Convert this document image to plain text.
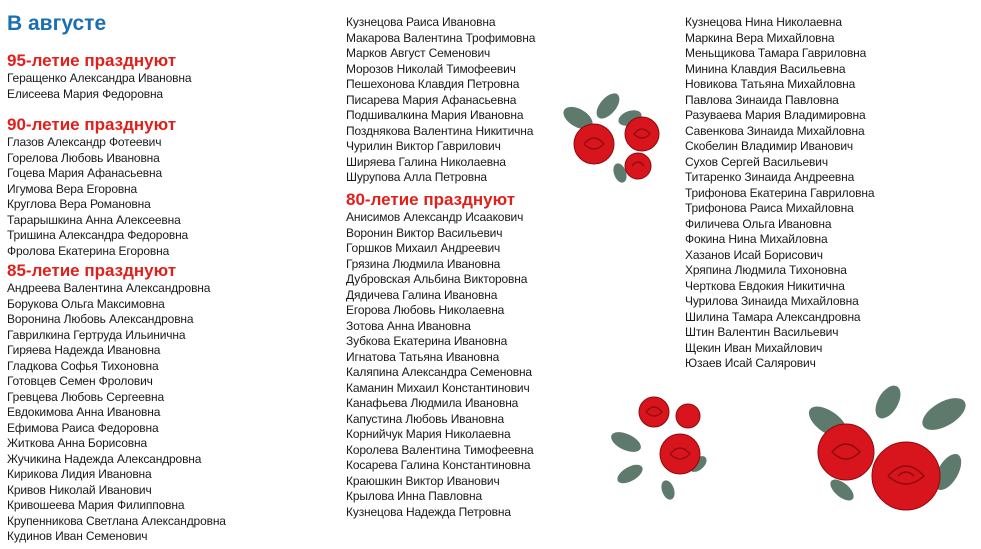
В августе
95-летие празднуют
Геращенко Александра Ивановна
Елисеева Мария Федоровна
90-летие празднуют
Глазов Александр Фотеевич
Горелова Любовь Ивановна
Гоцева Мария Афанасьевна
Игумова Вера Егоровна
Круглова Вера Романовна
Тарарышкина Анна Алексеевна
Тришина Александра Федоровна
Фролова Екатерина Егоровна
85-летие празднуют
Андреева Валентина Александровна
Борукова Ольга Максимовна
Воронина Любовь Александровна
Гаврилкина Гертруда Ильинична
Гиряева Надежда Ивановна
Гладкова Софья Тихоновна
Готовцев Семен Фролович
Гревцева Любовь Сергеевна
Евдокимова Анна Ивановна
Ефимова Раиса Федоровна
Житкова Анна Борисовна
Жучикина Надежда Александровна
Кирикова Лидия Ивановна
Кривов Николай Иванович
Кривошеева Мария Филипповна
Крупенникова Светлана Александровна
Кудинов Иван Семенович
Кузнецова Раиса Ивановна
Макарова Валентина Трофимовна
Марков Август Семенович
Морозов Николай Тимофеевич
Пешехонова Клавдия Петровна
Писарева Мария Афанасьевна
Подшивалкина Мария Ивановна
Позднякова Валентина Никитична
Чурилин Виктор Гаврилович
Ширяева Галина Николаевна
Шурупова Алла Петровна
80-летие празднуют
Анисимов Александр Исаакович
Воронин Виктор Васильевич
Горшков Михаил Андреевич
Грязина Людмила Ивановна
Дубровская Альбина Викторовна
Дядичева Галина Ивановна
Егорова Любовь Николаевна
Зотова Анна Ивановна
Зубкова Екатерина Ивановна
Игнатова Татьяна Ивановна
Каляпина Александра Семеновна
Каманин Михаил Константинович
Канафьева Людмила Ивановна
Капустина Любовь Ивановна
Корнийчук Мария Николаевна
Королева Валентина Тимофеевна
Косарева Галина Константиновна
Краюшкин Виктор Иванович
Крылова Инна Павловна
Кузнецова Надежда Петровна
Кузнецова Нина Николаевна
Маркина Вера Михайловна
Меньщикова Тамара Гавриловна
Минина Клавдия Васильевна
Новикова Татьяна Михайловна
Павлова Зинаида Павловна
Разуваева Мария Владимировна
Савенкова Зинаида Михайловна
Скобелин Владимир Иванович
Сухов Сергей Васильевич
Титаренко Зинаида Андреевна
Трифонова Екатерина Гавриловна
Трифонова Раиса Михайловна
Филичева Ольга Ивановна
Фокина Нина Михайловна
Хазанов Исай Борисович
Хряпина Людмила Тихоновна
Черткова Евдокия Никитична
Чурилова Зинаида Михайловна
Шилина Тамара Александровна
Штин Валентин Васильевич
Щекин Иван Михайлович
Юзаев Исай Салярович
